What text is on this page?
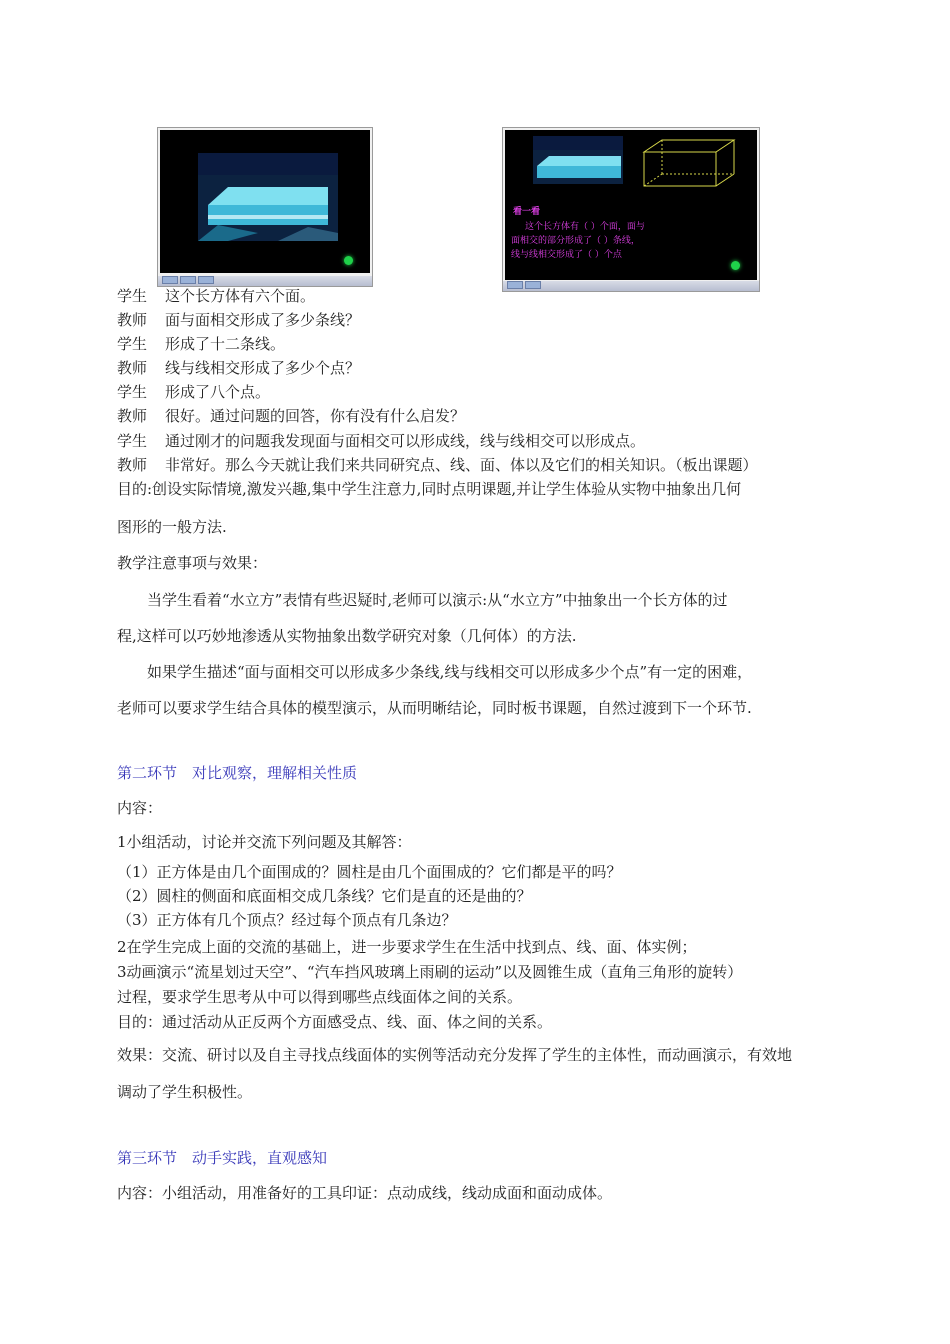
看一看
这个长方体有（ ）个面，面与
面相交的部分形成了（ ）条线，
线与线相交形成了（ ）个点
学生 这个长方体有六个面。
教师 面与面相交形成了多少条线？
学生 形成了十二条线。
教师 线与线相交形成了多少个点？
学生 形成了八个点。
教师 很好。通过问题的回答，你有没有什么启发？
学生 通过刚才的问题我发现面与面相交可以形成线，线与线相交可以形成点。
教师 非常好。那么今天就让我们来共同研究点、线、面、体以及它们的相关知识。（板出课题）
目的:创设实际情境,激发兴趣,集中学生注意力,同时点明课题,并让学生体验从实物中抽象出几何
图形的一般方法.
教学注意事项与效果：
当学生看着“水立方”表情有些迟疑时,老师可以演示:从“水立方”中抽象出一个长方体的过
程,这样可以巧妙地渗透从实物抽象出数学研究对象（几何体）的方法.
如果学生描述“面与面相交可以形成多少条线,线与线相交可以形成多少个点”有一定的困难，
老师可以要求学生结合具体的模型演示，从而明晰结论，同时板书课题，自然过渡到下一个环节.
第二环节　对比观察，理解相关性质
内容：
1小组活动，讨论并交流下列问题及其解答：
（1）正方体是由几个面围成的？圆柱是由几个面围成的？它们都是平的吗？
（2）圆柱的侧面和底面相交成几条线？它们是直的还是曲的？
（3）正方体有几个顶点？经过每个顶点有几条边？
2在学生完成上面的交流的基础上，进一步要求学生在生活中找到点、线、面、体实例；
3动画演示“流星划过天空”、“汽车挡风玻璃上雨刷的运动”以及圆锥生成（直角三角形的旋转）
过程，要求学生思考从中可以得到哪些点线面体之间的关系。
目的：通过活动从正反两个方面感受点、线、面、体之间的关系。
效果：交流、研讨以及自主寻找点线面体的实例等活动充分发挥了学生的主体性，而动画演示，有效地
调动了学生积极性。
第三环节　动手实践，直观感知
内容：小组活动，用准备好的工具印证：点动成线，线动成面和面动成体。
